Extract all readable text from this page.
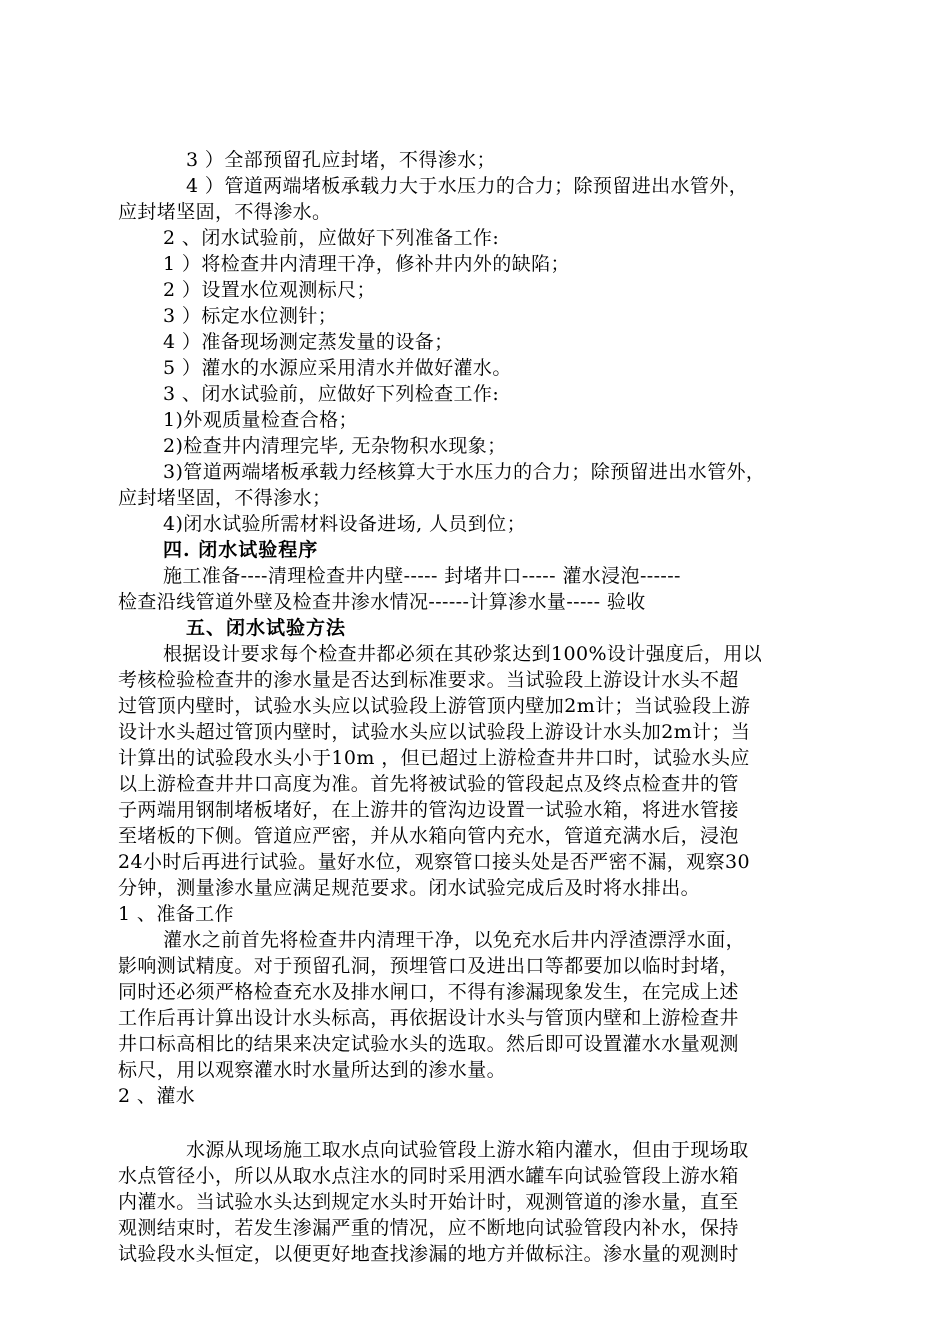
3 ）全部预留孔应封堵，不得渗水；
4 ）管道两端堵板承载力大于水压力的合力；除预留进出水管外，
应封堵坚固，不得渗水。
2 、闭水试验前，应做好下列准备工作:
1 ）将检查井内清理干净，修补井内外的缺陷；
2 ）设置水位观测标尺；
3 ）标定水位测针；
4 ）准备现场测定蒸发量的设备；
5 ）灌水的水源应采用清水并做好灌水。
3 、闭水试验前，应做好下列检查工作:
1)外观质量检查合格；
2)检查井内清理完毕, 无杂物积水现象；
3)管道两端堵板承载力经核算大于水压力的合力；除预留进出水管外，
应封堵坚固，不得渗水；
4)闭水试验所需材料设备进场, 人员到位；
四. 闭水试验程序
施工准备----清理检查井内壁----- 封堵井口----- 灌水浸泡------
检查沿线管道外壁及检查井渗水情况------计算渗水量----- 验收
五、闭水试验方法
根据设计要求每个检查井都必须在其砂浆达到100%设计强度后，用以
考核检验检查井的渗水量是否达到标准要求。当试验段上游设计水头不超
过管顶内壁时，试验水头应以试验段上游管顶内壁加2m计；当试验段上游
设计水头超过管顶内壁时，试验水头应以试验段上游设计水头加2m计；当
计算出的试验段水头小于10m ，但已超过上游检查井井口时，试验水头应
以上游检查井井口高度为准。首先将被试验的管段起点及终点检查井的管
子两端用钢制堵板堵好，在上游井的管沟边设置一试验水箱，将进水管接
至堵板的下侧。管道应严密，并从水箱向管内充水，管道充满水后，浸泡
24小时后再进行试验。量好水位，观察管口接头处是否严密不漏，观察30
分钟，测量渗水量应满足规范要求。闭水试验完成后及时将水排出。
1 、准备工作
灌水之前首先将检查井内清理干净，以免充水后井内浮渣漂浮水面，
影响测试精度。对于预留孔洞，预埋管口及进出口等都要加以临时封堵，
同时还必须严格检查充水及排水闸口，不得有渗漏现象发生，在完成上述
工作后再计算出设计水头标高，再依据设计水头与管顶内壁和上游检查井
井口标高相比的结果来决定试验水头的选取。然后即可设置灌水水量观测
标尺，用以观察灌水时水量所达到的渗水量。
2 、灌水
水源从现场施工取水点向试验管段上游水箱内灌水，但由于现场取
水点管径小，所以从取水点注水的同时采用洒水罐车向试验管段上游水箱
内灌水。当试验水头达到规定水头时开始计时，观测管道的渗水量，直至
观测结束时，若发生渗漏严重的情况，应不断地向试验管段内补水，保持
试验段水头恒定，以便更好地查找渗漏的地方并做标注。渗水量的观测时
